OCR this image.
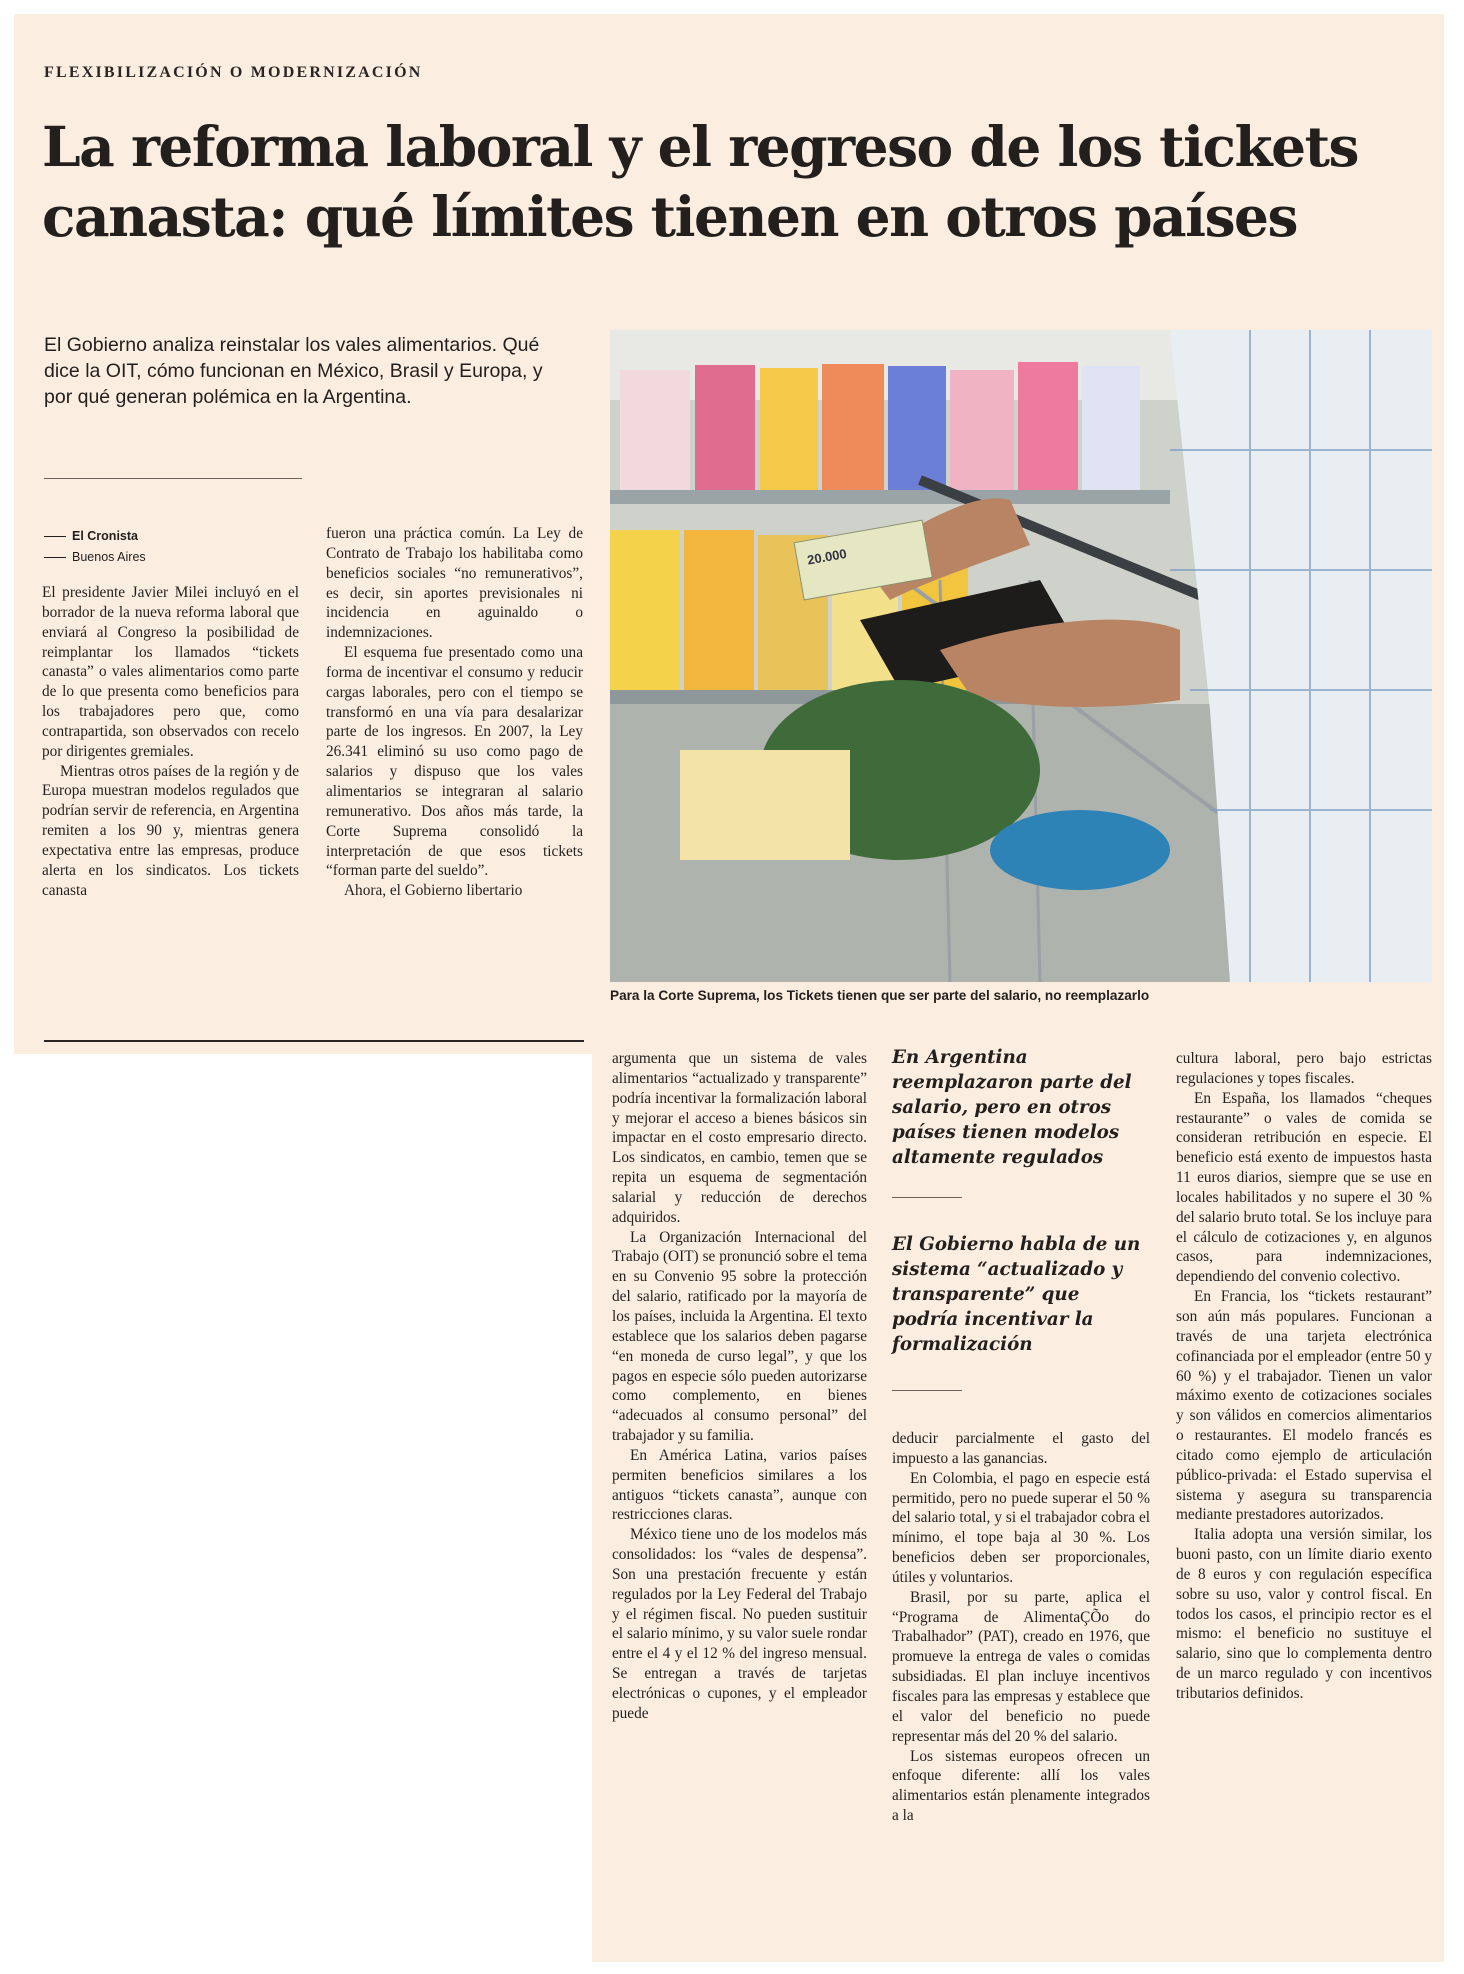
FLEXIBILIZACIÓN O MODERNIZACIÓN
La reforma laboral y el regreso de los tickets
canasta: qué límites tienen en otros países

El Gobierno analiza reinstalar los vales alimentarios. Qué dice la OIT, cómo funcionan en México, Brasil y Europa, y por qué generan polémica en la Argentina.

El Cronista
Buenos Aires

El presidente Javier Milei incluyó en el borrador de la nueva reforma laboral que enviará al Congreso la posibilidad de reimplantar los llamados “tickets canasta” o vales alimentarios como parte de lo que presenta como beneficios para los trabajadores pero que, como contrapartida, son observados con recelo por dirigentes gremiales.

Mientras otros países de la región y de Europa muestran modelos regulados que podrían servir de referencia, en Argentina remiten a los 90 y, mientras genera expectativa entre las empresas, produce alerta en los sindicatos. Los tickets canasta

fueron una práctica común. La Ley de Contrato de Trabajo los habilitaba como beneficios sociales “no remunerativos”, es decir, sin aportes previsionales ni incidencia en aguinaldo o indemnizaciones.

El esquema fue presentado como una forma de incentivar el consumo y reducir cargas laborales, pero con el tiempo se transformó en una vía para desalarizar parte de los ingresos. En 2007, la Ley 26.341 eliminó su uso como pago de salarios y dispuso que los vales alimentarios se integraran al salario remunerativo. Dos años más tarde, la Corte Suprema consolidó la interpretación de que esos tickets “forman parte del sueldo”.

Ahora, el Gobierno libertario

20.000
Para la Corte Suprema, los Tickets tienen que ser parte del salario, no reemplazarlo

argumenta que un sistema de vales alimentarios “actualizado y transparente” podría incentivar la formalización laboral y mejorar el acceso a bienes básicos sin impactar en el costo empresario directo. Los sindicatos, en cambio, temen que se repita un esquema de segmentación salarial y reducción de derechos adquiridos.

La Organización Internacional del Trabajo (OIT) se pronunció sobre el tema en su Convenio 95 sobre la protección del salario, ratificado por la mayoría de los países, incluida la Argentina. El texto establece que los salarios deben pagarse “en moneda de curso legal”, y que los pagos en especie sólo pueden autorizarse como complemento, en bienes “adecuados al consumo personal” del trabajador y su familia.

En América Latina, varios países permiten beneficios similares a los antiguos “tickets canasta”, aunque con restricciones claras.

México tiene uno de los modelos más consolidados: los “vales de despensa”. Son una prestación frecuente y están regulados por la Ley Federal del Trabajo y el régimen fiscal. No pueden sustituir el salario mínimo, y su valor suele rondar entre el 4 y el 12 % del ingreso mensual. Se entregan a través de tarjetas electrónicas o cupones, y el empleador puede

En Argentina reemplazaron parte del salario, pero en otros países tienen modelos altamente regulados

El Gobierno habla de un sistema “actualizado y transparente” que podría incentivar la formalización

deducir parcialmente el gasto del impuesto a las ganancias.

En Colombia, el pago en especie está permitido, pero no puede superar el 50 % del salario total, y si el trabajador cobra el mínimo, el tope baja al 30 %. Los beneficios deben ser proporcionales, útiles y voluntarios.

Brasil, por su parte, aplica el “Programa de AlimentaÇÕo do Trabalhador” (PAT), creado en 1976, que promueve la entrega de vales o comidas subsidiadas. El plan incluye incentivos fiscales para las empresas y establece que el valor del beneficio no puede representar más del 20 % del salario.

Los sistemas europeos ofrecen un enfoque diferente: allí los vales alimentarios están plenamente integrados a la

cultura laboral, pero bajo estrictas regulaciones y topes fiscales.

En España, los llamados “cheques restaurante” o vales de comida se consideran retribución en especie. El beneficio está exento de impuestos hasta 11 euros diarios, siempre que se use en locales habilitados y no supere el 30 % del salario bruto total. Se los incluye para el cálculo de cotizaciones y, en algunos casos, para indemnizaciones, dependiendo del convenio colectivo.

En Francia, los “tickets restaurant” son aún más populares. Funcionan a través de una tarjeta electrónica cofinanciada por el empleador (entre 50 y 60 %) y el trabajador. Tienen un valor máximo exento de cotizaciones sociales y son válidos en comercios alimentarios o restaurantes. El modelo francés es citado como ejemplo de articulación público-privada: el Estado supervisa el sistema y asegura su transparencia mediante prestadores autorizados.

Italia adopta una versión similar, los buoni pasto, con un límite diario exento de 8 euros y con regulación específica sobre su uso, valor y control fiscal. En todos los casos, el principio rector es el mismo: el beneficio no sustituye el salario, sino que lo complementa dentro de un marco regulado y con incentivos tributarios definidos.
